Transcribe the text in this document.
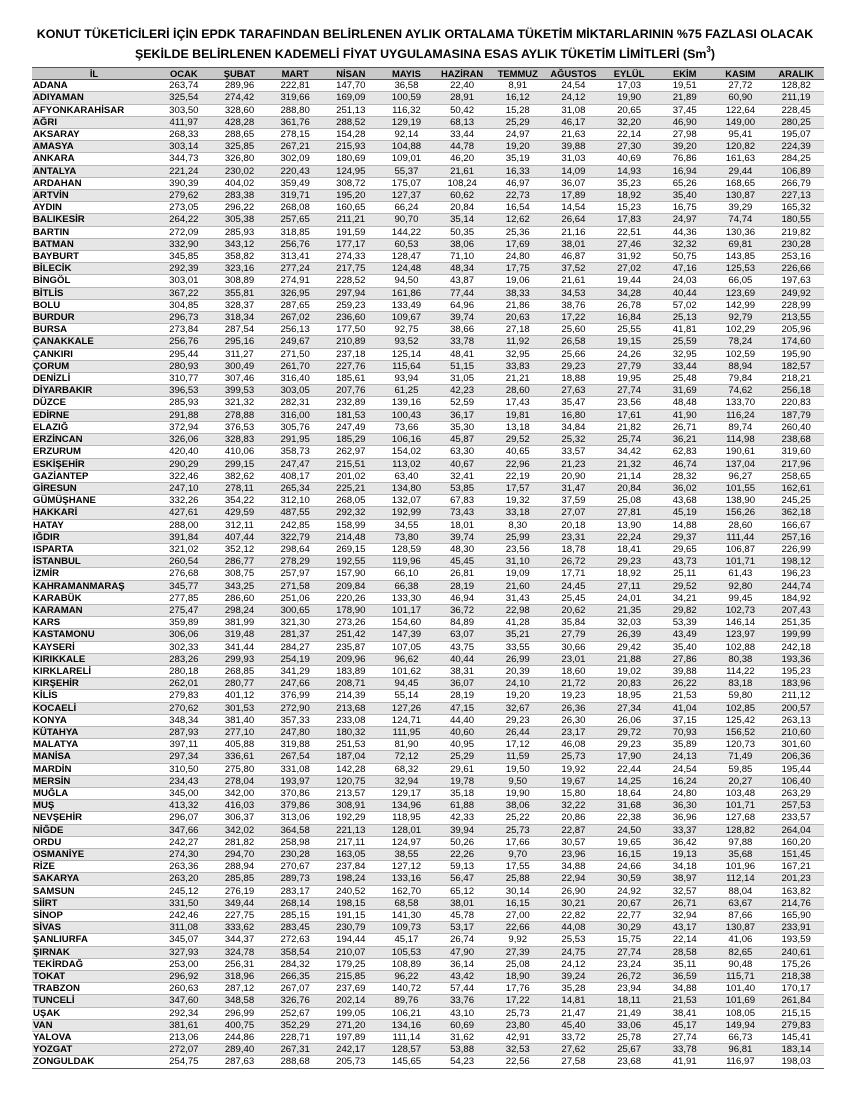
KONUT TÜKETİCİLERİ İÇİN EPDK TARAFINDAN BELİRLENEN AYLIK ORTALAMA TÜKETİM MİKTARLARININ %75 FAZLASI OLACAK
ŞEKİLDE BELİRLENEN KADEMELİ FİYAT UYGULAMASINA ESAS AYLIK TÜKETİM LİMİTLERİ (Sm$^3$)
İL	OCAK	ŞUBAT	MART	NİSAN	MAYIS	HAZİRAN	TEMMUZ	AĞUSTOS	EYLÜL	EKİM	KASIM	ARALIK
ADANA	263,74	289,96	222,81	147,70	36,58	22,40	8,91	24,54	17,03	19,51	27,72	128,82
ADIYAMAN	325,54	274,42	319,66	169,09	100,59	28,91	16,12	24,12	19,90	21,89	60,90	211,19
AFYONKARAHİSAR	303,50	328,60	288,80	251,13	116,32	50,42	15,28	31,08	20,65	37,45	122,64	228,45
AĞRI	411,97	428,28	361,76	288,52	129,19	68,13	25,29	46,17	32,20	46,90	149,00	280,25
AKSARAY	268,33	288,65	278,15	154,28	92,14	33,44	24,97	21,63	22,14	27,98	95,41	195,07
AMASYA	303,14	325,85	267,21	215,93	104,88	44,78	19,20	39,88	27,30	39,20	120,82	224,39
ANKARA	344,73	326,80	302,09	180,69	109,01	46,20	35,19	31,03	40,69	76,86	161,63	284,25
ANTALYA	221,24	230,02	220,43	124,95	55,37	21,61	16,33	14,09	14,93	16,94	29,44	106,89
ARDAHAN	390,39	404,02	359,49	308,72	175,07	108,24	46,97	36,07	35,23	65,26	168,65	266,79
ARTVİN	279,62	283,38	319,71	195,20	127,37	60,62	22,73	17,89	18,92	35,40	130,87	227,13
AYDIN	273,05	296,22	268,08	160,65	66,24	20,84	16,54	14,54	15,23	16,75	39,29	165,32
BALIKESİR	264,22	305,38	257,65	211,21	90,70	35,14	12,62	26,64	17,83	24,97	74,74	180,55
BARTIN	272,09	285,93	318,85	191,59	144,22	50,35	25,36	21,16	22,51	44,36	130,36	219,82
BATMAN	332,90	343,12	256,76	177,17	60,53	38,06	17,69	38,01	27,46	32,32	69,81	230,28
BAYBURT	345,85	358,82	313,41	274,33	128,47	71,10	24,80	46,87	31,92	50,75	143,85	253,16
BİLECİK	292,39	323,16	277,24	217,75	124,48	48,34	17,75	37,52	27,02	47,16	125,53	226,66
BİNGÖL	303,01	308,89	274,91	228,52	94,50	43,87	19,06	21,61	19,44	24,03	66,05	197,63
BİTLİS	367,22	355,81	326,95	297,94	161,86	77,44	38,33	34,53	34,28	40,44	123,69	249,92
BOLU	304,85	328,37	287,65	259,23	133,49	64,96	21,86	38,76	26,78	57,02	142,99	228,99
BURDUR	296,73	318,34	267,02	236,60	109,67	39,74	20,63	17,22	16,84	25,13	92,79	213,55
BURSA	273,84	287,54	256,13	177,50	92,75	38,66	27,18	25,60	25,55	41,81	102,29	205,96
ÇANAKKALE	256,76	295,16	249,67	210,89	93,52	33,78	11,92	26,58	19,15	25,59	78,24	174,60
ÇANKIRI	295,44	311,27	271,50	237,18	125,14	48,41	32,95	25,66	24,26	32,95	102,59	195,90
ÇORUM	280,93	300,49	261,70	227,76	115,64	51,15	33,83	29,23	27,79	33,44	88,94	182,57
DENİZLİ	310,77	307,46	316,40	185,61	93,94	31,05	21,21	18,88	19,95	25,48	79,84	218,21
DİYARBAKIR	396,53	399,53	303,05	207,76	61,25	42,23	28,60	27,63	27,74	31,69	74,62	256,18
DÜZCE	285,93	321,32	282,31	232,89	139,16	52,59	17,43	35,47	23,56	48,48	133,70	220,83
EDİRNE	291,88	278,88	316,00	181,53	100,43	36,17	19,81	16,80	17,61	41,90	116,24	187,79
ELAZIĞ	372,94	376,53	305,76	247,49	73,66	35,30	13,18	34,84	21,82	26,71	89,74	260,40
ERZİNCAN	326,06	328,83	291,95	185,29	106,16	45,87	29,52	25,32	25,74	36,21	114,98	238,68
ERZURUM	420,40	410,06	358,73	262,97	154,02	63,30	40,65	33,57	34,42	62,83	190,61	319,60
ESKİŞEHİR	290,29	299,15	247,47	215,51	113,02	40,67	22,96	21,23	21,32	46,74	137,04	217,96
GAZİANTEP	322,46	382,62	408,17	201,02	63,40	32,41	22,19	20,90	21,14	28,32	96,27	258,65
GİRESUN	247,10	278,11	265,34	225,21	134,80	53,85	17,57	31,47	20,84	36,02	101,55	162,61
GÜMÜŞHANE	332,26	354,22	312,10	268,05	132,07	67,83	19,32	37,59	25,08	43,68	138,90	245,25
HAKKARİ	427,61	429,59	487,55	292,32	192,99	73,43	33,18	27,07	27,81	45,19	156,26	362,18
HATAY	288,00	312,11	242,85	158,99	34,55	18,01	8,30	20,18	13,90	14,88	28,60	166,67
IĞDIR	391,84	407,44	322,79	214,48	73,80	39,74	25,99	23,31	22,24	29,37	111,44	257,16
ISPARTA	321,02	352,12	298,64	269,15	128,59	48,30	23,56	18,78	18,41	29,65	106,87	226,99
İSTANBUL	260,54	286,77	278,29	192,55	119,96	45,45	31,10	26,72	29,23	43,73	101,71	198,12
İZMİR	276,68	308,75	257,97	157,90	66,10	26,81	19,09	17,71	18,92	25,11	61,43	196,23
KAHRAMANMARAŞ	345,77	343,25	271,58	209,84	66,38	28,19	21,60	24,45	27,11	29,52	92,80	244,74
KARABÜK	277,85	286,60	251,06	220,26	133,30	46,94	31,43	25,45	24,01	34,21	99,45	184,92
KARAMAN	275,47	298,24	300,65	178,90	101,17	36,72	22,98	20,62	21,35	29,82	102,73	207,43
KARS	359,89	381,99	321,30	273,26	154,60	84,89	41,28	35,84	32,03	53,39	146,14	251,35
KASTAMONU	306,06	319,48	281,37	251,42	147,39	63,07	35,21	27,79	26,39	43,49	123,97	199,99
KAYSERİ	302,33	341,44	284,27	235,87	107,05	43,75	33,55	30,66	29,42	35,40	102,88	242,18
KIRIKKALE	283,26	299,93	254,19	209,96	96,62	40,44	26,99	23,01	21,88	27,86	80,38	193,36
KIRKLARELİ	280,18	268,85	341,29	183,89	101,62	38,31	20,39	18,60	19,02	39,88	114,22	195,23
KIRŞEHİR	262,01	280,77	247,66	208,71	94,45	36,07	24,10	21,72	20,83	26,22	83,18	183,96
KİLİS	279,83	401,12	376,99	214,39	55,14	28,19	19,20	19,23	18,95	21,53	59,80	211,12
KOCAELİ	270,62	301,53	272,90	213,68	127,26	47,15	32,67	26,36	27,34	41,04	102,85	200,57
KONYA	348,34	381,40	357,33	233,08	124,71	44,40	29,23	26,30	26,06	37,15	125,42	263,13
KÜTAHYA	287,93	277,10	247,80	180,32	111,95	40,60	26,44	23,17	29,72	70,93	156,52	210,60
MALATYA	397,11	405,88	319,88	251,53	81,90	40,95	17,12	46,08	29,23	35,89	120,73	301,60
MANİSA	297,34	336,61	267,54	187,04	72,12	25,29	11,59	25,73	17,90	24,13	71,49	206,36
MARDİN	310,50	275,80	331,08	142,28	68,32	29,61	19,50	19,92	22,44	24,54	59,85	195,44
MERSİN	234,43	278,04	193,97	120,75	32,94	19,78	9,50	19,67	14,25	16,24	20,27	106,40
MUĞLA	345,00	342,00	370,86	213,57	129,17	35,18	19,90	15,80	18,64	24,80	103,48	263,29
MUŞ	413,32	416,03	379,86	308,91	134,96	61,88	38,06	32,22	31,68	36,30	101,71	257,53
NEVŞEHİR	296,07	306,37	313,06	192,29	118,95	42,33	25,22	20,86	22,38	36,96	127,68	233,57
NİĞDE	347,66	342,02	364,58	221,13	128,01	39,94	25,73	22,87	24,50	33,37	128,82	264,04
ORDU	242,27	281,82	258,98	217,11	124,97	50,26	17,66	30,57	19,65	36,42	97,88	160,20
OSMANİYE	274,30	294,70	230,28	163,05	38,55	22,26	9,70	23,96	16,15	19,13	35,68	151,45
RİZE	263,36	288,94	270,67	237,84	127,12	59,13	17,55	34,88	24,66	34,18	101,96	167,21
SAKARYA	263,20	285,85	289,73	198,24	133,16	56,47	25,88	22,94	30,59	38,97	112,14	201,23
SAMSUN	245,12	276,19	283,17	240,52	162,70	65,12	30,14	26,90	24,92	32,57	88,04	163,82
SİİRT	331,50	349,44	268,14	198,15	68,58	38,01	16,15	30,21	20,67	26,71	63,67	214,76
SİNOP	242,46	227,75	285,15	191,15	141,30	45,78	27,00	22,82	22,77	32,94	87,66	165,90
SİVAS	311,08	333,62	283,45	230,79	109,73	53,17	22,66	44,08	30,29	43,17	130,87	233,91
ŞANLIURFA	345,07	344,37	272,63	194,44	45,17	26,74	9,92	25,53	15,75	22,14	41,06	193,59
ŞIRNAK	327,93	324,78	358,54	210,07	105,53	47,90	27,39	24,75	27,74	28,58	82,65	240,61
TEKİRDAĞ	253,00	256,31	284,32	179,25	108,89	36,14	25,08	24,12	23,24	35,11	90,48	175,26
TOKAT	296,92	318,96	266,35	215,85	96,22	43,42	18,90	39,24	26,72	36,59	115,71	218,38
TRABZON	260,63	287,12	267,07	237,69	140,72	57,44	17,76	35,28	23,94	34,88	101,40	170,17
TUNCELİ	347,60	348,58	326,76	202,14	89,76	33,76	17,22	14,81	18,11	21,53	101,69	261,84
UŞAK	292,34	296,99	252,67	199,05	106,21	43,10	25,73	21,47	21,49	38,41	108,05	215,15
VAN	381,61	400,75	352,29	271,20	134,16	60,69	23,80	45,40	33,06	45,17	149,94	279,83
YALOVA	213,06	244,86	228,71	197,89	111,14	31,62	42,91	33,72	25,78	27,74	66,73	145,41
YOZGAT	272,07	289,40	267,31	242,17	128,57	53,88	32,53	27,62	25,67	33,78	96,81	183,14
ZONGULDAK	254,75	287,63	288,68	205,73	145,65	54,23	22,56	27,58	23,68	41,91	116,97	198,03
